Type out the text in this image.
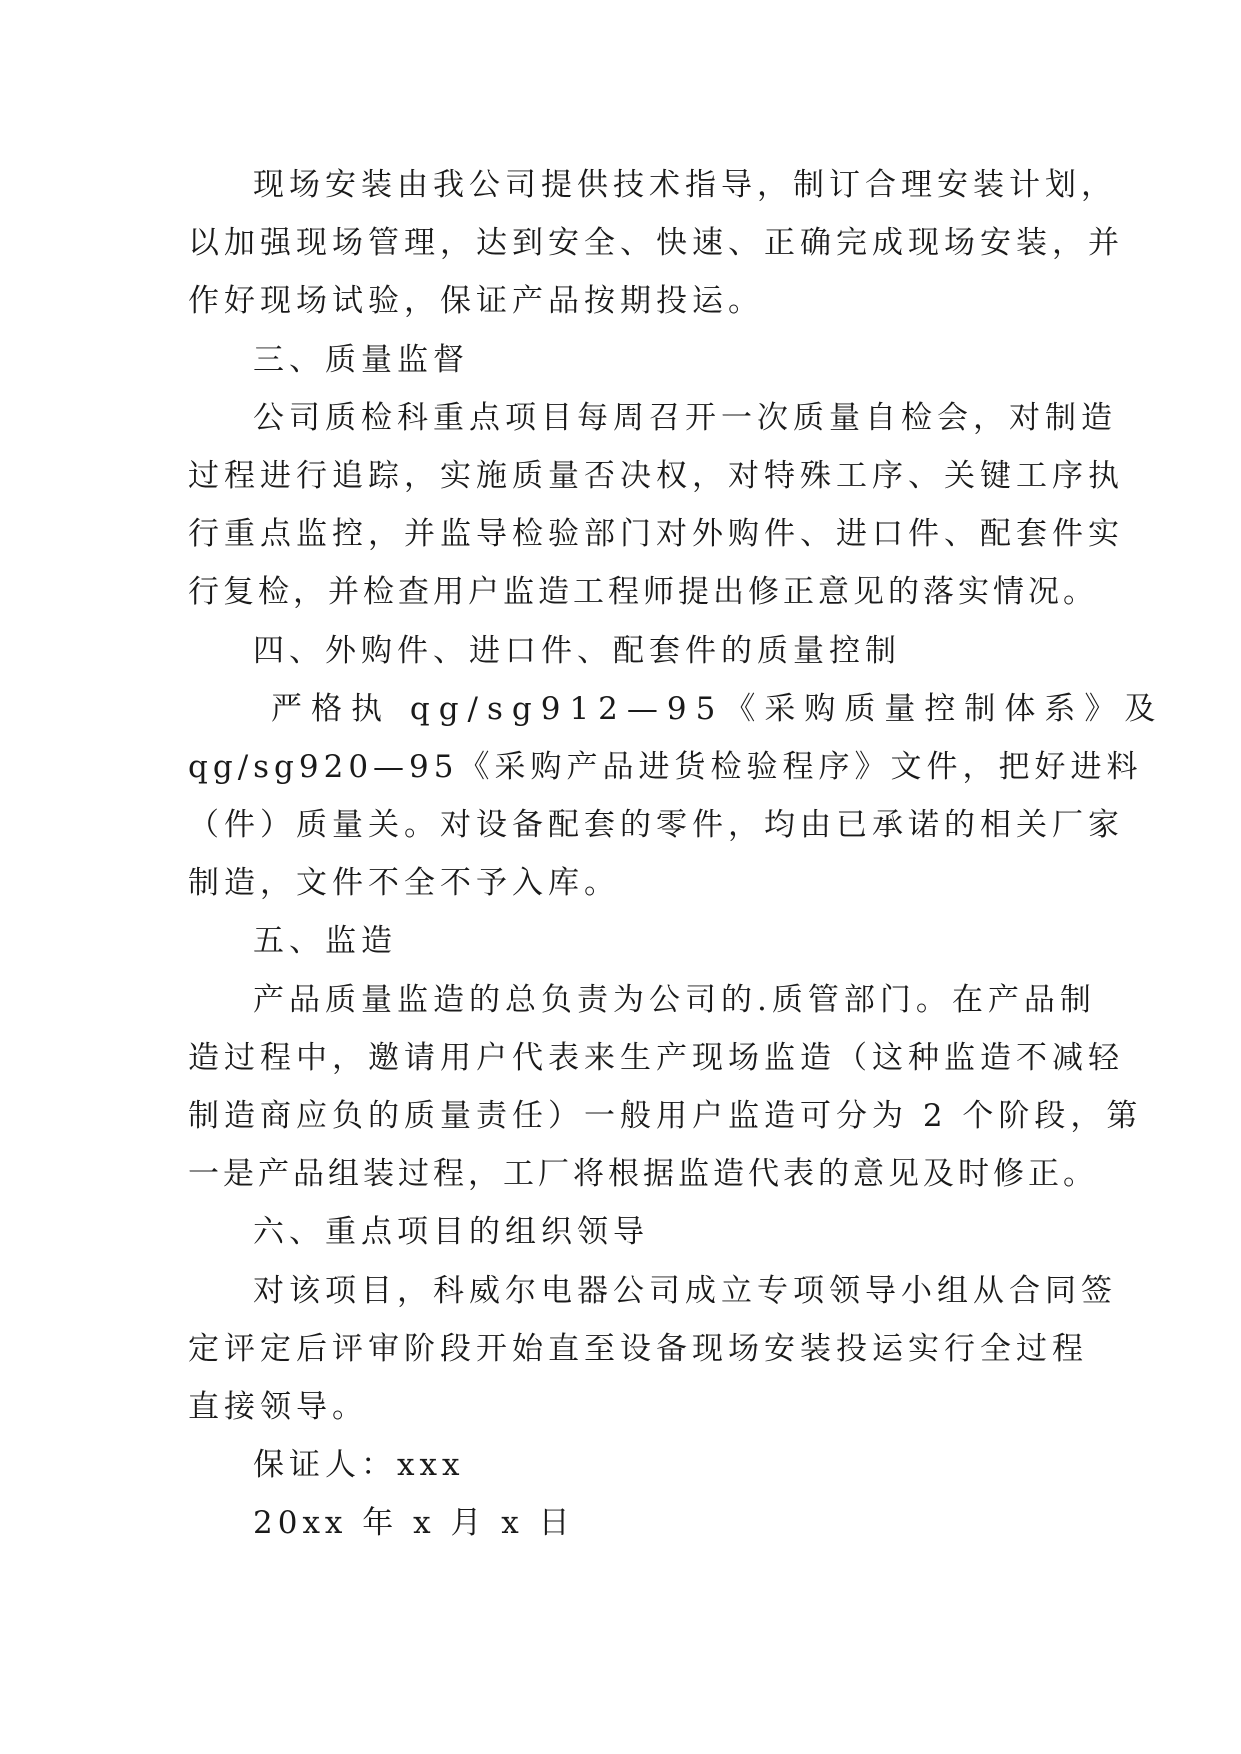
现场安装由我公司提供技术指导，制订合理安装计划，
以加强现场管理，达到安全、快速、正确完成现场安装，并
作好现场试验，保证产品按期投运。
三、质量监督
公司质检科重点项目每周召开一次质量自检会，对制造
过程进行追踪，实施质量否决权，对特殊工序、关键工序执
行重点监控，并监导检验部门对外购件、进口件、配套件实
行复检，并检查用户监造工程师提出修正意见的落实情况。
四、外购件、进口件、配套件的质量控制
严格执 qg/sg912—95《采购质量控制体系》及
qg/sg920—95《采购产品进货检验程序》文件，把好进料
（件）质量关。对设备配套的零件，均由已承诺的相关厂家
制造，文件不全不予入库。
五、监造
产品质量监造的总负责为公司的.质管部门。在产品制
造过程中，邀请用户代表来生产现场监造（这种监造不减轻
制造商应负的质量责任）一般用户监造可分为 2 个阶段，第
一是产品组装过程，工厂将根据监造代表的意见及时修正。
六、重点项目的组织领导
对该项目，科威尔电器公司成立专项领导小组从合同签
定评定后评审阶段开始直至设备现场安装投运实行全过程
直接领导。
保证人：xxx
20xx 年 x 月 x 日
